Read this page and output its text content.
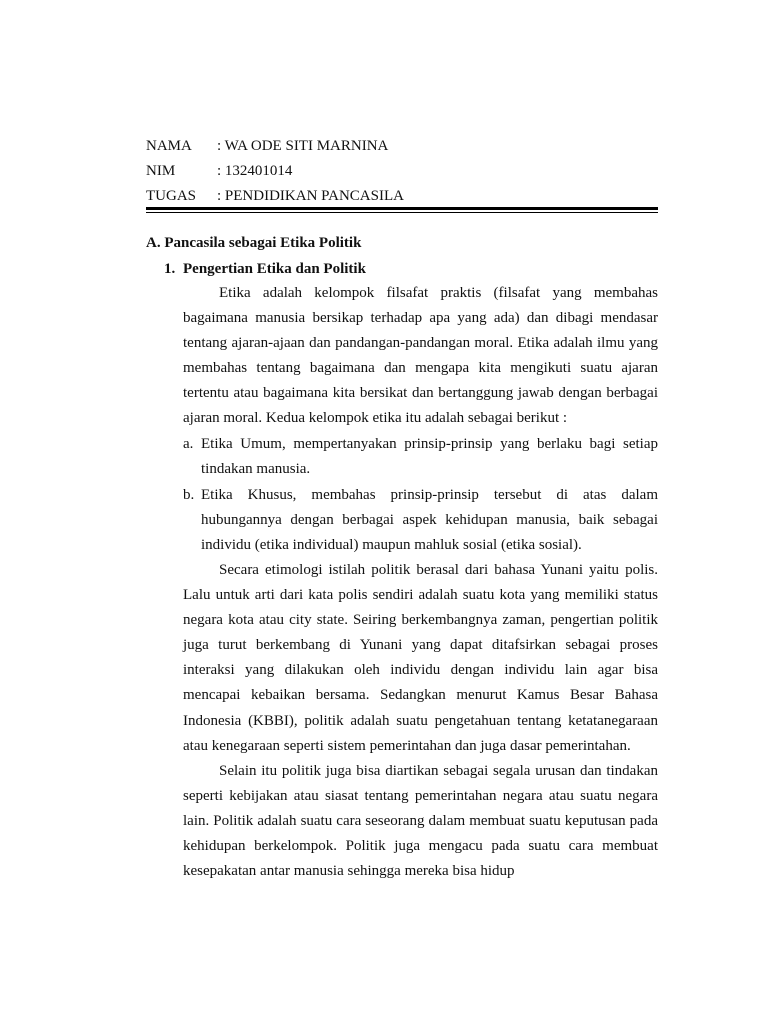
NAMA : WA ODE SITI MARNINA
NIM	: 132401014
TUGAS : PENDIDIKAN PANCASILA
A. Pancasila sebagai Etika Politik
1. Pengertian Etika dan Politik

Etika adalah kelompok filsafat praktis (filsafat yang membahas bagaimana manusia bersikap terhadap apa yang ada) dan dibagi mendasar tentang ajaran-ajaan dan pandangan-pandangan moral. Etika adalah ilmu yang membahas tentang bagaimana dan mengapa kita mengikuti suatu ajaran tertentu atau bagaimana kita bersikat dan bertanggung jawab dengan berbagai ajaran moral. Kedua kelompok etika itu adalah sebagai berikut :

a. Etika Umum, mempertanyakan prinsip-prinsip yang berlaku bagi setiap tindakan manusia.
b. Etika Khusus, membahas prinsip-prinsip tersebut di atas dalam hubungannya dengan berbagai aspek kehidupan manusia, baik sebagai individu (etika individual) maupun mahluk sosial (etika sosial).

Secara etimologi istilah politik berasal dari bahasa Yunani yaitu polis. Lalu untuk arti dari kata polis sendiri adalah suatu kota yang memiliki status negara kota atau city state. Seiring berkembangnya zaman, pengertian politik juga turut berkembang di Yunani yang dapat ditafsirkan sebagai proses interaksi yang dilakukan oleh individu dengan individu lain agar bisa mencapai kebaikan bersama. Sedangkan menurut Kamus Besar Bahasa Indonesia (KBBI), politik adalah suatu pengetahuan tentang ketatanegaraan atau kenegaraan seperti sistem pemerintahan dan juga dasar pemerintahan.

Selain itu politik juga bisa diartikan sebagai segala urusan dan tindakan seperti kebijakan atau siasat tentang pemerintahan negara atau suatu negara lain. Politik adalah suatu cara seseorang dalam membuat suatu keputusan pada kehidupan berkelompok. Politik juga mengacu pada suatu cara membuat kesepakatan antar manusia sehingga mereka bisa hidup
